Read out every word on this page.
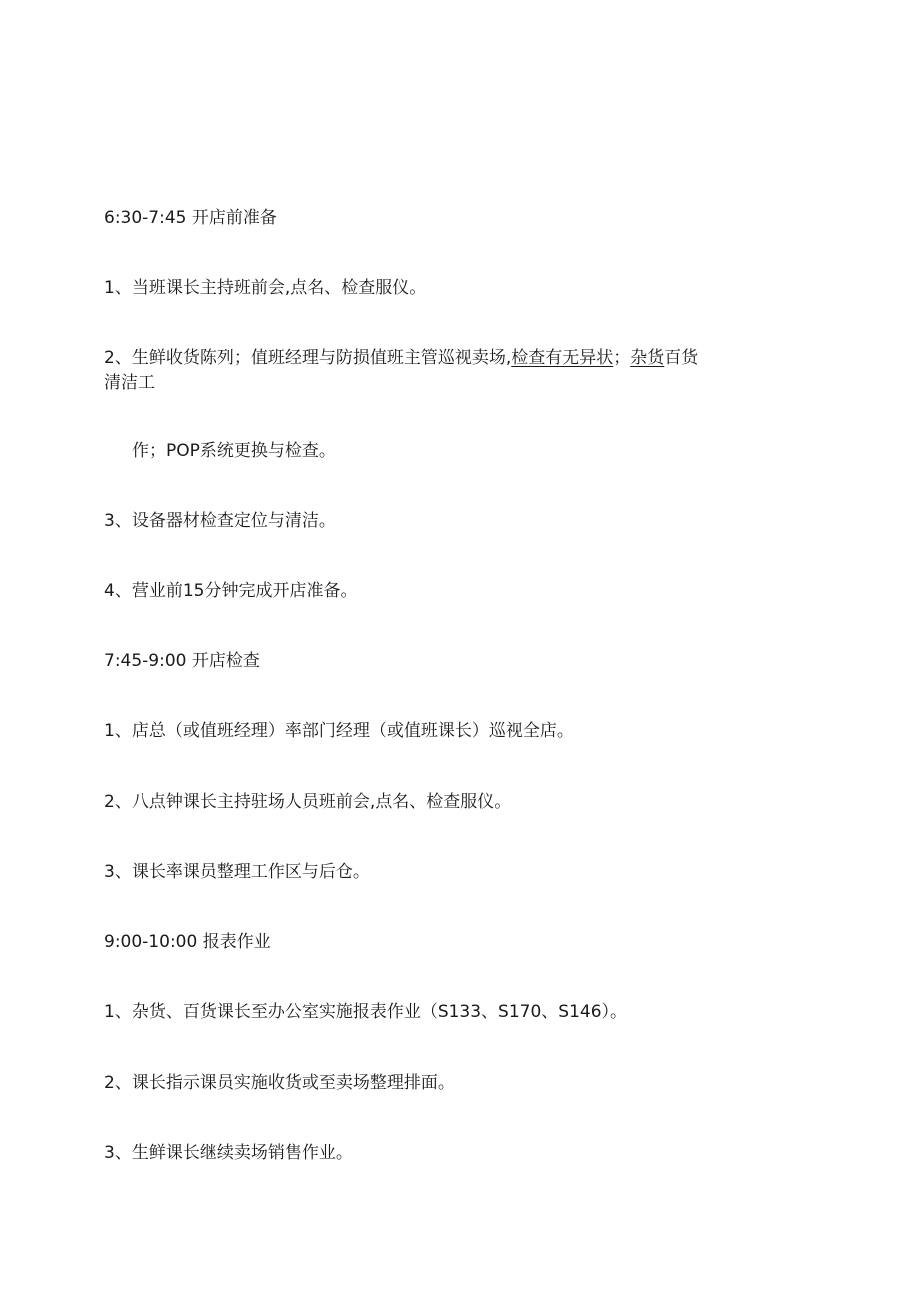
6:30-7:45 开店前准备
1、当班课长主持班前会,点名、检查服仪。
2、生鲜收货陈列；值班经理与防损值班主管巡视卖场,检查有无异状；杂货百货
清洁工
作；POP系统更换与检查。
3、设备器材检查定位与清洁。
4、营业前15分钟完成开店准备。
7:45-9:00 开店检查
1、店总（或值班经理）率部门经理（或值班课长）巡视全店。
2、八点钟课长主持驻场人员班前会,点名、检查服仪。
3、课长率课员整理工作区与后仓。
9:00-10:00 报表作业
1、杂货、百货课长至办公室实施报表作业（S133、S170、S146）。
2、课长指示课员实施收货或至卖场整理排面。
3、生鲜课长继续卖场销售作业。
